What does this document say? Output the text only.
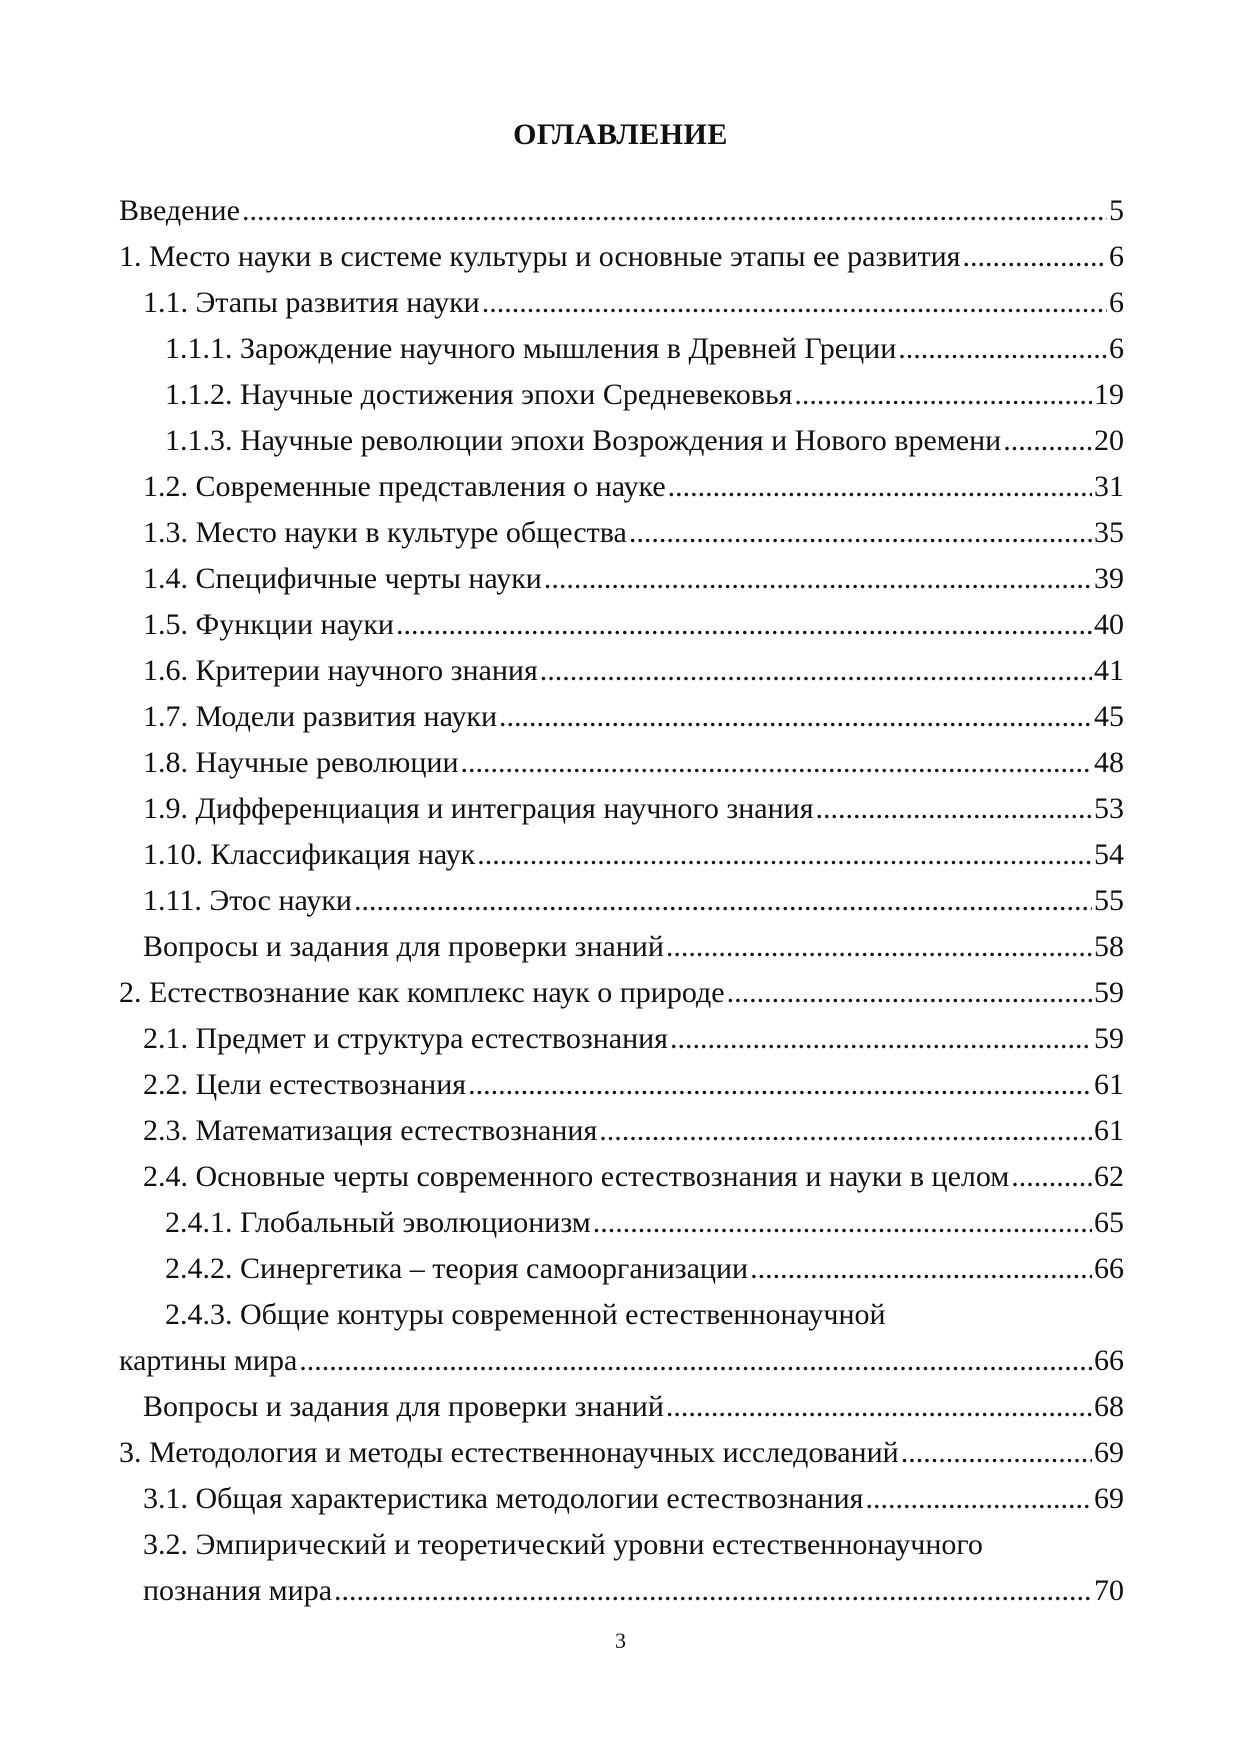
ОГЛАВЛЕНИЕ
Введение .....	5
1. Место науки в системе культуры и основные этапы ее развития .....	6
1.1. Этапы развития науки .....	6
1.1.1. Зарождение научного мышления в Древней Греции .....	6
1.1.2. Научные достижения эпохи Средневековья .....	19
1.1.3. Научные революции эпохи Возрождения и Нового времени .....	20
1.2. Современные представления о науке .....	31
1.3. Место науки в культуре общества .....	35
1.4. Специфичные черты науки .....	39
1.5. Функции науки .....	40
1.6. Критерии научного знания .....	41
1.7. Модели развития науки .....	45
1.8. Научные революции .....	48
1.9. Дифференциация и интеграция научного знания .....	53
1.10. Классификация наук .....	54
1.11. Этос науки .....	55
Вопросы и задания для проверки знаний .....	58
2. Естествознание как комплекс наук о природе .....	59
2.1. Предмет и структура естествознания .....	59
2.2. Цели естествознания .....	61
2.3. Математизация естествознания .....	61
2.4. Основные черты современного естествознания и науки в целом .....	62
2.4.1. Глобальный эволюционизм .....	65
2.4.2. Синергетика – теория самоорганизации .....	66
2.4.3. Общие контуры современной естественнонаучной
картины мира .....	66
Вопросы и задания для проверки знаний .....	68
3. Методология и методы естественнонаучных исследований .....	69
3.1. Общая характеристика методологии естествознания .....	69
3.2. Эмпирический и теоретический уровни естественнонаучного
познания мира .....	70
3
